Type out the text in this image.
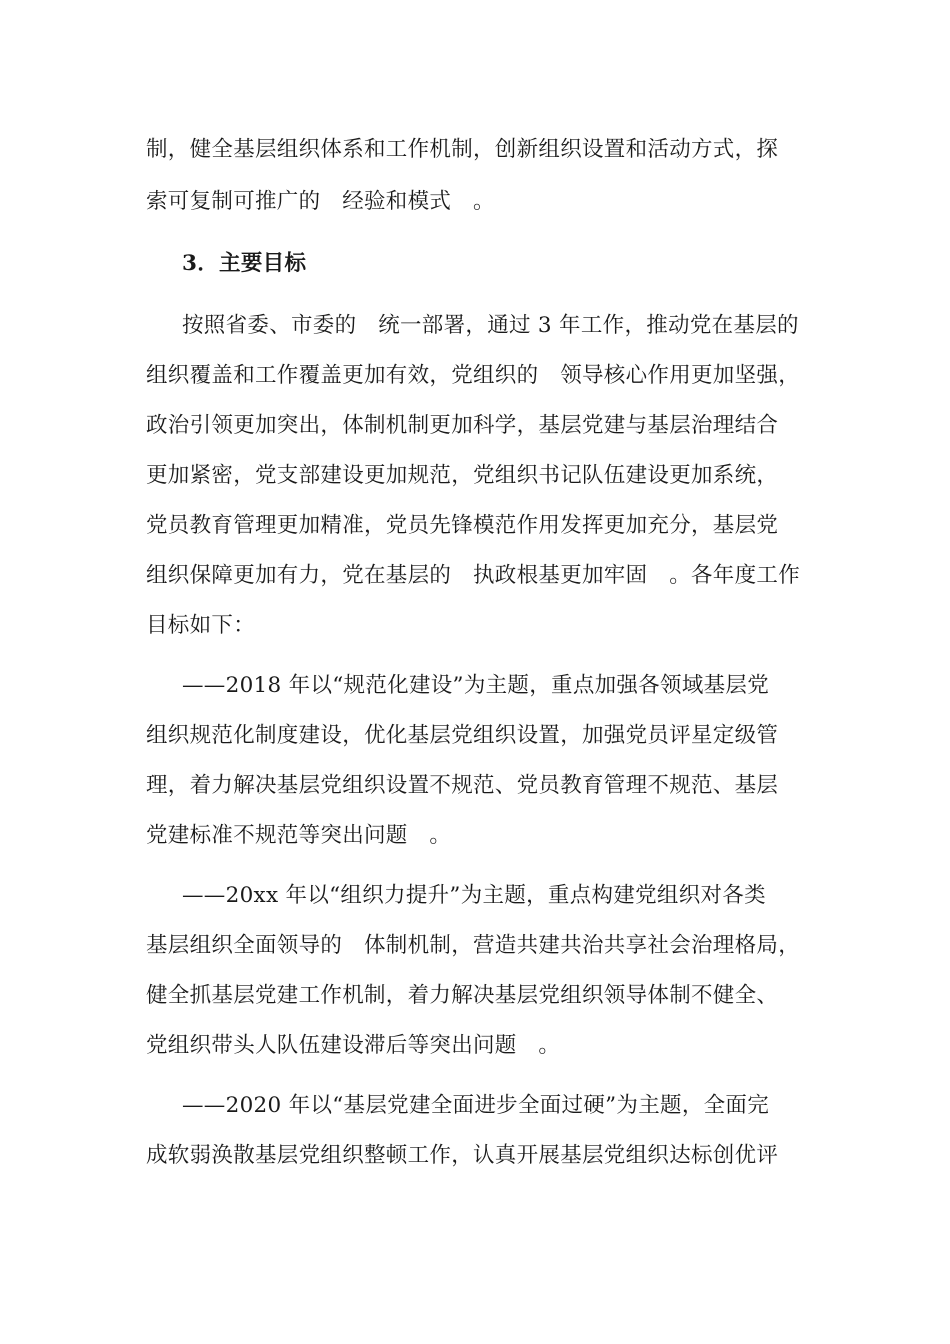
制，健全基层组织体系和工作机制，创新组织设置和活动方式，探
索可复制可推广的　经验和模式　。
3．主要目标
按照省委、市委的　统一部署，通过 3 年工作，推动党在基层的
组织覆盖和工作覆盖更加有效，党组织的　领导核心作用更加坚强，
政治引领更加突出，体制机制更加科学，基层党建与基层治理结合
更加紧密，党支部建设更加规范，党组织书记队伍建设更加系统，
党员教育管理更加精准，党员先锋模范作用发挥更加充分，基层党
组织保障更加有力，党在基层的　执政根基更加牢固　。各年度工作
目标如下：
——2018 年以“规范化建设”为主题，重点加强各领域基层党
组织规范化制度建设，优化基层党组织设置，加强党员评星定级管
理，着力解决基层党组织设置不规范、党员教育管理不规范、基层
党建标准不规范等突出问题　。
——20xx 年以“组织力提升”为主题，重点构建党组织对各类
基层组织全面领导的　体制机制，营造共建共治共享社会治理格局，
健全抓基层党建工作机制，着力解决基层党组织领导体制不健全、
党组织带头人队伍建设滞后等突出问题　。
——2020 年以“基层党建全面进步全面过硬”为主题，全面完
成软弱涣散基层党组织整顿工作，认真开展基层党组织达标创优评
